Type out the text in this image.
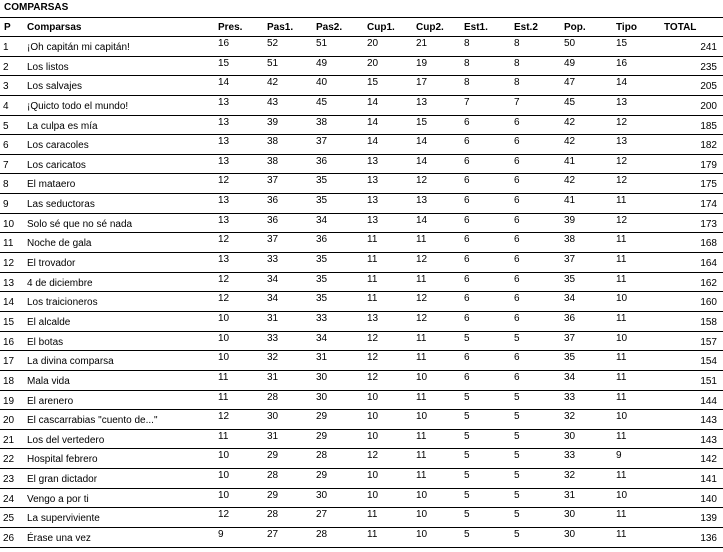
COMPARSAS
P	Comparsas	Pres.	Pas1.	Pas2.	Cup1.	Cup2.	Est1.	Est.2	Pop.	Tipo	TOTAL

1	¡Oh capitán mi capitán!	16	52	51	20	21	8	8	50	15	241

2	Los listos	15	51	49	20	19	8	8	49	16	235

3	Los salvajes	14	42	40	15	17	8	8	47	14	205

4	¡Quicto todo el mundo!	13	43	45	14	13	7	7	45	13	200

5	La culpa es mía	13	39	38	14	15	6	6	42	12	185

6	Los caracoles	13	38	37	14	14	6	6	42	13	182

7	Los caricatos	13	38	36	13	14	6	6	41	12	179

8	El mataero	12	37	35	13	12	6	6	42	12	175

9	Las seductoras	13	36	35	13	13	6	6	41	11	174

10	Solo sé que no sé nada	13	36	34	13	14	6	6	39	12	173

11	Noche de gala	12	37	36	11	11	6	6	38	11	168

12	El trovador	13	33	35	11	12	6	6	37	11	164

13	4 de diciembre	12	34	35	11	11	6	6	35	11	162

14	Los traicioneros	12	34	35	11	12	6	6	34	10	160

15	El alcalde	10	31	33	13	12	6	6	36	11	158

16	El botas	10	33	34	12	11	5	5	37	10	157

17	La divina comparsa	10	32	31	12	11	6	6	35	11	154

18	Mala vida	11	31	30	12	10	6	6	34	11	151

19	El arenero	11	28	30	10	11	5	5	33	11	144

20	El cascarrabias "cuento de..."	12	30	29	10	10	5	5	32	10	143

21	Los del vertedero	11	31	29	10	11	5	5	30	11	143

22	Hospital febrero	10	29	28	12	11	5	5	33	9	142

23	El gran dictador	10	28	29	10	11	5	5	32	11	141

24	Vengo a por ti	10	29	30	10	10	5	5	31	10	140

25	La superviviente	12	28	27	11	10	5	5	30	11	139

26	Érase una vez	9	27	28	11	10	5	5	30	11	136
